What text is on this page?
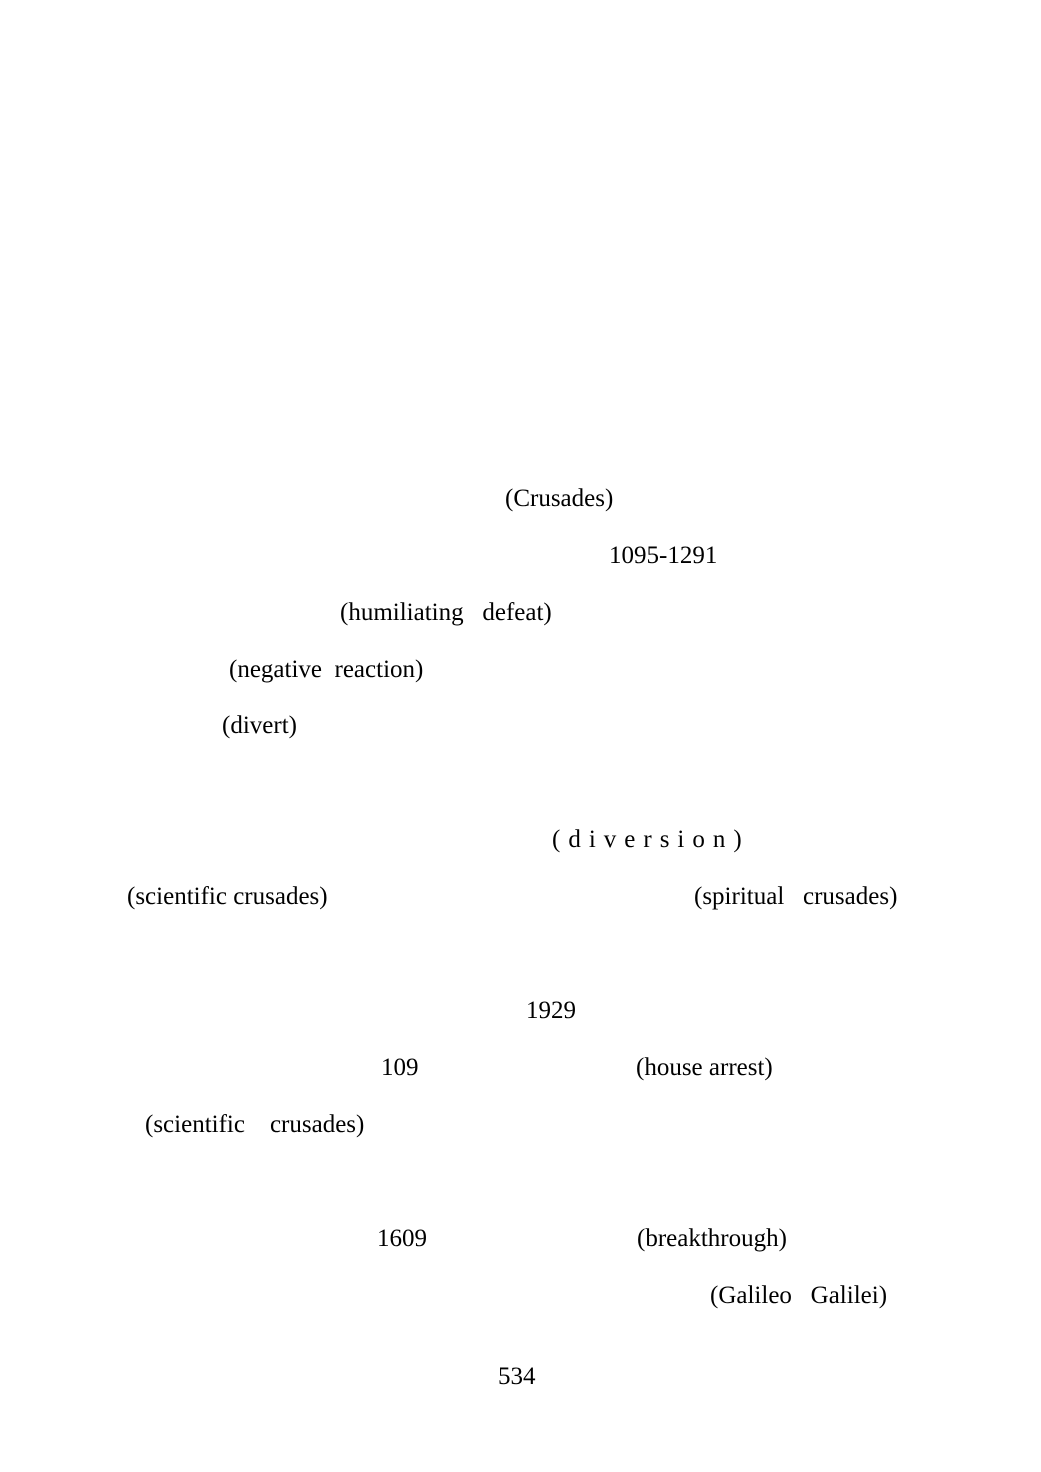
(Crusades)
1095-1291
(humiliating   defeat)
(negative  reaction)
(divert)
(diversion)
(scientific crusades)	(spiritual   crusades)
1929
109	(house arrest)
(scientific    crusades)
1609	(breakthrough)
(Galileo   Galilei)
534
